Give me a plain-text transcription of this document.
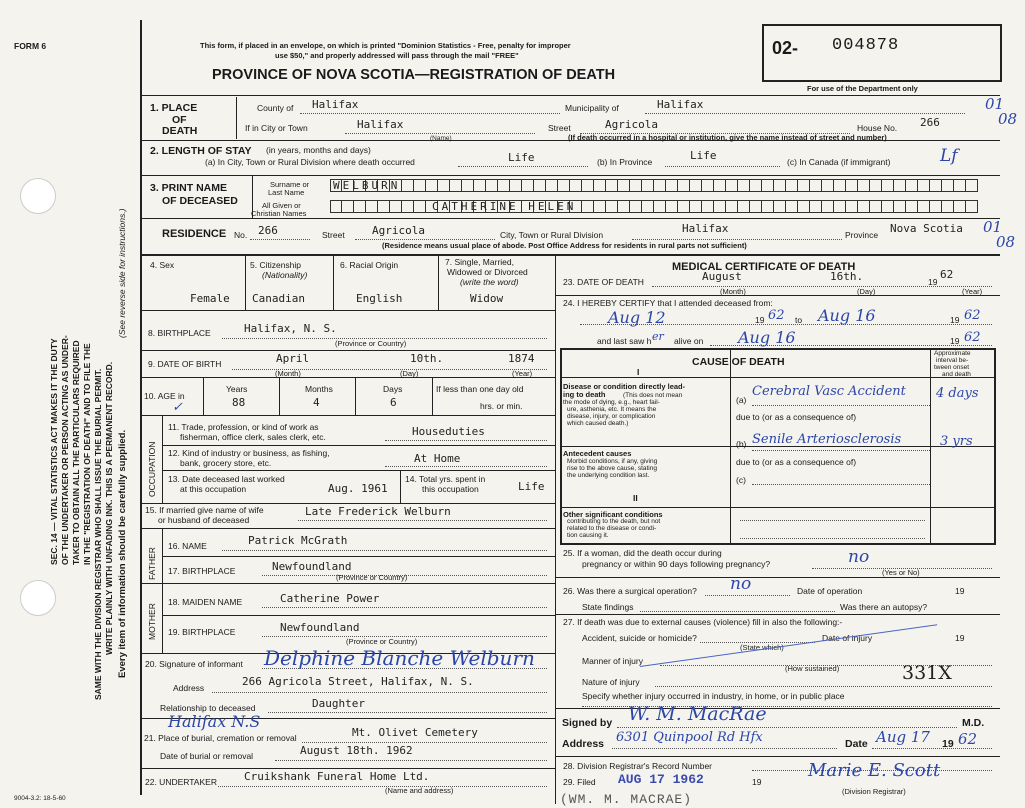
FORM 6
9004-3.2: 18-5-60
SEC. 14 — VITAL STATISTICS ACT MAKES IT THE DUTY OF THE UNDERTAKER OR PERSON ACTING AS UNDER- TAKER TO OBTAIN ALL THE PARTICULARS REQUIRED IN THE "REGISTRATION OF DEATH" AND TO FILE THE SAME WITH THE DIVISION REGISTRAR WHO SHALL ISSUE THE BURIAL PERMIT. WRITE PLAINLY WITH UNFADING INK. THIS IS A PERMANENT RECORD. Every item of information should be carefully supplied.
(See reverse side for instructions.)
This form, if placed in an envelope, on which is printed "Dominion Statistics - Free, penalty for improper
use $50," and properly addressed will pass through the mail "FREE"
PROVINCE OF NOVA SCOTIA—REGISTRATION OF DEATH
02- 004878
For use of the Department only
01
08
1. PLACE
OF
DEATH
County of Halifax	Municipality of	Halifax
If in City or Town	Halifax
(Name)
Street	Agricola	House No. 266
(If death occurred in a hospital or institution, give the name instead of street and number)
2. LENGTH OF STAY (in years, months and days)
(a) In City, Town or Rural Division where death occurred	Life	(b) In Province	Life	(c) In Canada (if immigrant)	Lf
3. PRINT NAME
OF DECEASED
Surname or
Last Name
All Given or
Christian Names
WELBURN
CATHERINE HELEN
RESIDENCE No. 266	Street Agricola	City, Town or Rural Division	Halifax	Province Nova Scotia 01
08
(Residence means usual place of abode. Post Office Address for residents in rural parts not sufficient)
4. Sex
Female
5. Citizenship
(Nationality)
Canadian
6. Racial Origin
English
7. Single, Married,
Widowed or Divorced
(write the word)
Widow
8. BIRTHPLACE	Halifax, N. S.
(Province or Country)
9. DATE OF BIRTH	April	10th.	1874
(Month)	(Day)	(Year)
10. AGE in
✓
Years	Months	Days
88	4	6
If less than one day old
hrs. or min.
OCCUPATION
11. Trade, profession, or kind of work as
fisherman, office clerk, sales clerk, etc.	Houseduties
12. Kind of industry or business, as fishing,
bank, grocery store, etc.	At Home
13. Date deceased last worked
at this occupation	Aug. 1961
14. Total yrs. spent in
this occupation	Life
15. If married give name of wife
or husband of deceased
Late Frederick Welburn
FATHER
16. NAME	Patrick McGrath
17. BIRTHPLACE	Newfoundland
(Province or Country)
MOTHER
18. MAIDEN NAME	Catherine Power
19. BIRTHPLACE	Newfoundland
(Province or Country)
20. Signature of informant Delphine Blanche Welburn
Address	266 Agricola Street, Halifax, N. S.
Relationship to deceased	Daughter
Halifax N.S
21. Place of burial, cremation or removal
Date of burial or removal
Mt. Olivet Cemetery
August 18th. 1962
22. UNDERTAKER Cruikshank Funeral Home Ltd.
(Name and address)
MEDICAL CERTIFICATE OF DEATH
23. DATE OF DEATH	August	16th.	19
62
(Month)	(Day)	(Year)
24. I HEREBY CERTIFY that I attended deceased from:
Aug 12	19 62 to Aug 16	19 62
and last saw h er alive on Aug 16	19 62
CAUSE OF DEATH
Approximate
interval be-
tween onset
and death
I
Disease or condition directly lead-
ing to death	(This does not mean
the mode of dying, e.g., heart fail-
ure, asthenia, etc. It means the
disease, injury, or complication
which caused death.)
(a)
Cerebral Vasc Accident 4 days
due to (or as a consequence of)
Antecedent causes
Morbid conditions, if any, giving
rise to the above cause, stating
the underlying condition last.
(b) Senile Arteriosclerosis	3 yrs
due to (or as a consequence of)
(c)
II
Other significant conditions
contributing to the death, but not
related to the disease or condi-
tion causing it.
25. If a woman, did the death occur during
pregnancy or within 90 days following pregnancy?	no
(Yes or No)
26. Was there a surgical operation? no	Date of operation	19
State findings	Was there an autopsy?
27. If death was due to external causes (violence) fill in also the following:-
Accident, suicide or homicide?	Date of injury	19
(State which)
Manner of injury
(How sustained)
Nature of injury	331X
Specify whether injury occurred in industry, in home, or in public place
Signed by W. M. MacRae	M.D.
Address 6301 Quinpool Rd Hfx	Date Aug 17 19 62
28. Division Registrar's Record Number
29. Filed AUG 17 1962	19
Marie E. Scott
(Division Registrar)
(WM. M. MACRAE)
